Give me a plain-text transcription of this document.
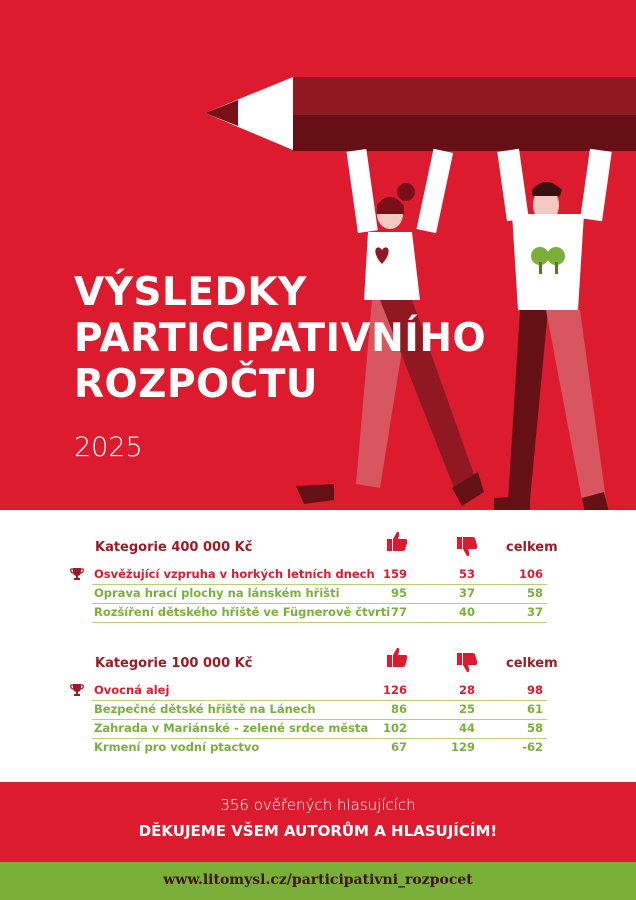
VÝSLEDKY
PARTICIPATIVNÍHO
ROZPOČTU
2025
Kategorie 400 000 Kč	celkem
Osvěžující vzpruha v horkých letních dnech 159	53	106
Oprava hrací plochy na lánském hřišti	95	37	58
Rozšíření dětského hřiště ve Fügnerově čtvrti 77	40	37
Kategorie 100 000 Kč	celkem
Ovocná alej	126	28	98
Bezpečné dětské hřiště na Lánech	86	25	61
Zahrada v Mariánské - zelené srdce města	102	44	58
Krmení pro vodní ptactvo	67	129	-62
356 ověřených hlasujících
DĚKUJEME VŠEM AUTORŮM A HLASUJÍCÍM!
www.litomysl.cz/participativni_rozpocet
